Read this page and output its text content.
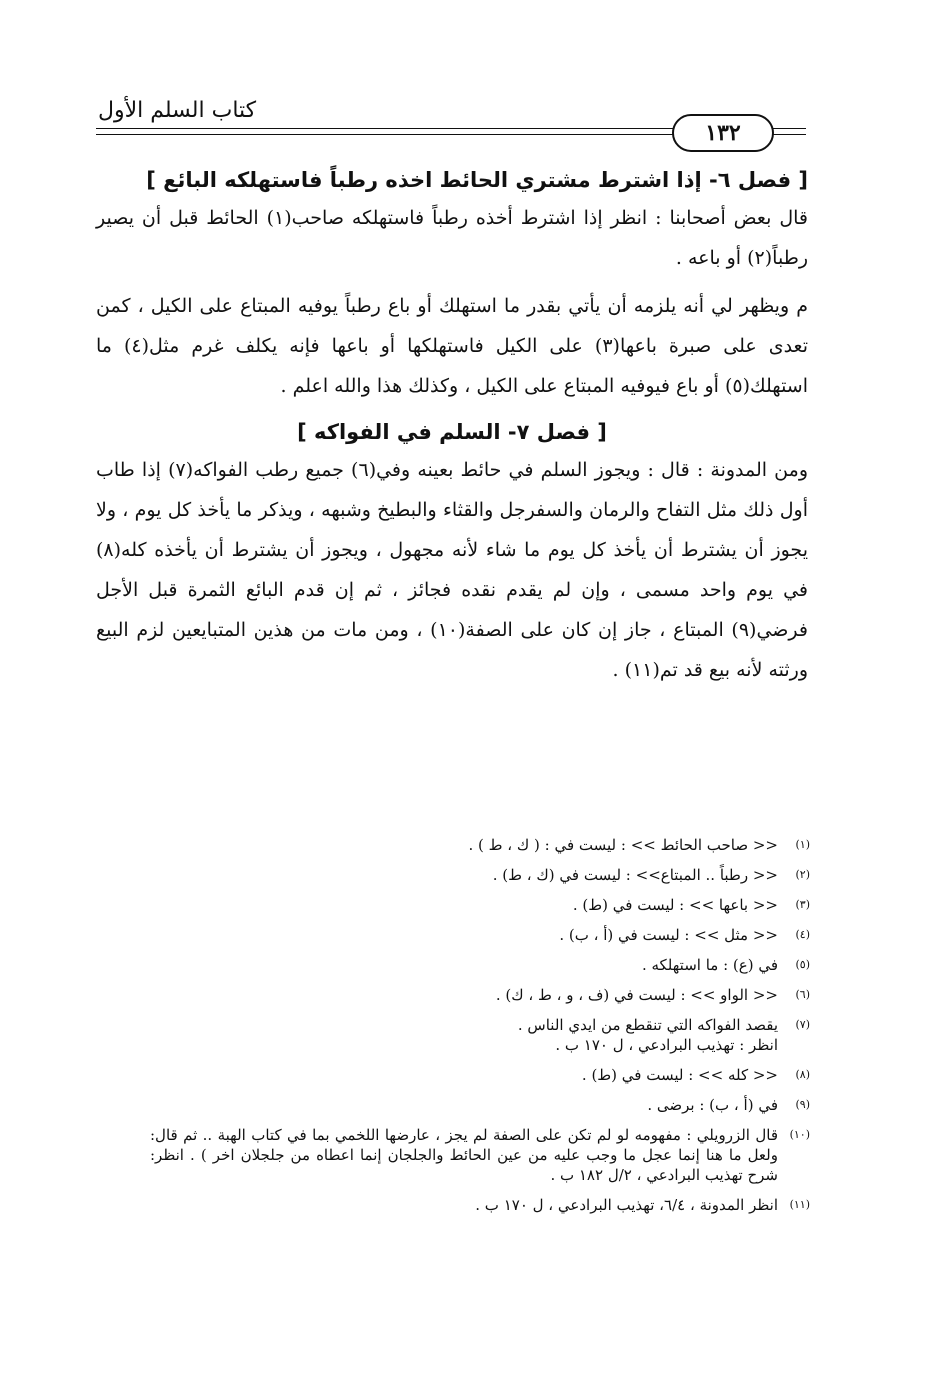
كتاب السلم الأول
١٣٢
[ فصل ٦- إذا اشترط مشتري الحائط اخذه رطباً فاستهلكه البائع ]

قال بعض أصحابنا : انظر إذا اشترط أخذه رطباً فاستهلكه صاحب(١) الحائط قبل أن يصير رطباً(٢) أو باعه .

م ويظهر لي أنه يلزمه أن يأتي بقدر ما استهلك أو باع رطباً يوفيه المبتاع على الكيل ، كمن تعدى على صبرة باعها(٣) على الكيل فاستهلكها أو باعها فإنه يكلف غرم مثل(٤) ما استهلك(٥) أو باع فيوفيه المبتاع على الكيل ، وكذلك هذا والله اعلم .

[ فصل ٧- السلم في الفواكه ]

ومن المدونة : قال : ويجوز السلم في حائط بعينه وفي(٦) جميع رطب الفواكه(٧) إذا طاب أول ذلك مثل التفاح والرمان والسفرجل والقثاء والبطيخ وشبهه ، ويذكر ما يأخذ كل يوم ، ولا يجوز أن يشترط أن يأخذ كل يوم ما شاء لأنه مجهول ، ويجوز أن يشترط أن يأخذه كله(٨) في يوم واحد مسمى ، وإن لم يقدم نقده فجائز ، ثم إن قدم البائع الثمرة قبل الأجل فرضي(٩) المبتاع ، جاز إن كان على الصفة(١٠) ، ومن مات من هذين المتبايعين لزم البيع ورثته لأنه بيع قد تم(١١) .

(١)
<< صاحب الحائط >> : ليست في : ( ك ، ط ) .
(٢)
<< رطباً .. المبتاع>> : ليست في (ك ، ط) .
(٣)
<< باعها >> : ليست في (ط) .
(٤)
<< مثل >> : ليست في (أ ، ب) .
(٥)
في (ع) : ما استهلكه .
(٦)
<< الواو >> : ليست في (ف ، و ، ط ، ك) .
(٧)
يقصد الفواكه التي تنقطع من ايدي الناس .
انظر : تهذيب البرادعي ، ل ١٧٠ ب .
(٨)
<< كله >> : ليست في (ط) .
(٩)
في (أ ، ب) : برضى .
(١٠)
قال الزرويلي : مفهومه لو لم تكن على الصفة لم يجز ، عارضها اللخمي بما في كتاب الهبة .. ثم قال: ولعل ما هنا إنما عجل ما وجب عليه من عين الحائط والجلجان إنما اعطاه من جلجلان اخر ) . انظر: شرح تهذيب البرادعي ، ٢/ل ١٨٢ ب .
(١١)
انظر المدونة ، ٦/٤، تهذيب البرادعي ، ل ١٧٠ ب .
